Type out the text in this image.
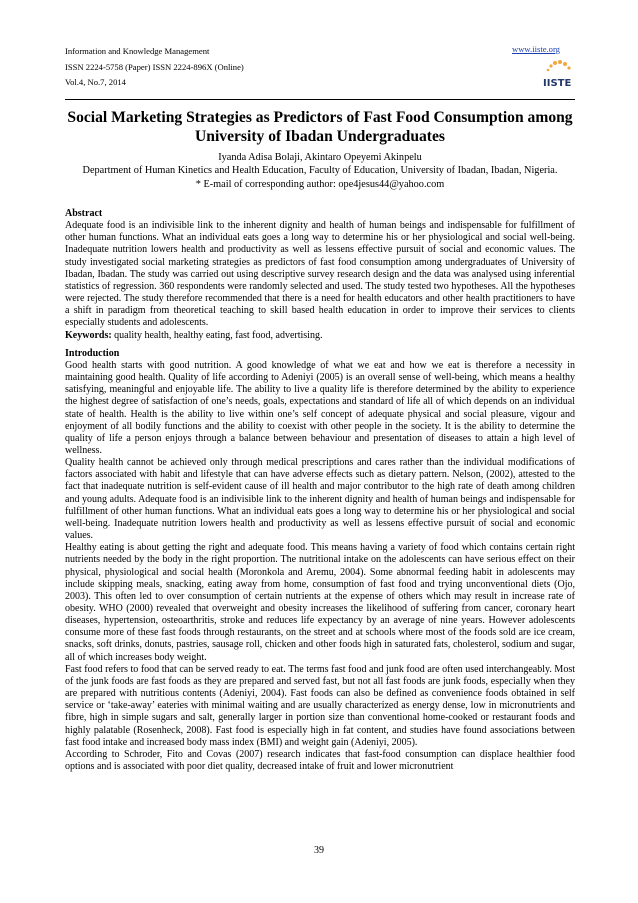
Information and Knowledge Management
ISSN 2224-5758 (Paper) ISSN 2224-896X (Online)
Vol.4, No.7, 2014
www.iiste.org
IISTE
Social Marketing Strategies as Predictors of Fast Food Consumption among University of Ibadan Undergraduates
Iyanda Adisa Bolaji, Akintaro Opeyemi Akinpelu
Department of Human Kinetics and Health Education, Faculty of Education, University of Ibadan, Ibadan, Nigeria.
* E-mail of corresponding author: ope4jesus44@yahoo.com

Abstract

Adequate food is an indivisible link to the inherent dignity and health of human beings and indispensable for fulfillment of other human functions. What an individual eats goes a long way to determine his or her physiological and social well-being. Inadequate nutrition lowers health and productivity as well as lessens effective pursuit of social and economic values. The study investigated social marketing strategies as predictors of fast food consumption among undergraduates of University of Ibadan, Ibadan. The study was carried out using descriptive survey research design and the data was analysed using inferential statistics of regression. 360 respondents were randomly selected and used. The study tested two hypotheses. All the hypotheses were rejected. The study therefore recommended that there is a need for health educators and other health practitioners to have a shift in paradigm from theoretical teaching to skill based health education in order to improve their services to clients especially students and adolescents.

Keywords: quality health, healthy eating, fast food, advertising.

Introduction

Good health starts with good nutrition. A good knowledge of what we eat and how we eat is therefore a necessity in maintaining good health. Quality of life according to Adeniyi (2005) is an overall sense of well-being, which means a healthy satisfying, meaningful and enjoyable life. The ability to live a quality life is therefore determined by the ability to experience the highest degree of satisfaction of one’s needs, goals, expectations and standard of life all of which depends on an individual state of health. Health is the ability to live within one’s self concept of adequate physical and social pleasure, vigour and enjoyment of all bodily functions and the ability to coexist with other people in the society. It is the ability to determine the quality of life a person enjoys through a balance between behaviour and presentation of diseases to attain a high level of wellness.

Quality health cannot be achieved only through medical prescriptions and cares rather than the individual modifications of factors associated with habit and lifestyle that can have adverse effects such as dietary pattern. Nelson, (2002), attested to the fact that inadequate nutrition is self-evident cause of ill health and major contributor to the high rate of death among children and young adults. Adequate food is an indivisible link to the inherent dignity and health of human beings and indispensable for fulfillment of other human functions. What an individual eats goes a long way to determine his or her physiological and social well-being. Inadequate nutrition lowers health and productivity as well as lessens effective pursuit of social and economic values.

Healthy eating is about getting the right and adequate food. This means having a variety of food which contains certain right nutrients needed by the body in the right proportion. The nutritional intake on the adolescents can have serious effect on their physical, physiological and social health (Moronkola and Aremu, 2004). Some abnormal feeding habit in adolescents may include skipping meals, snacking, eating away from home, consumption of fast food and trying unconventional diets (Ojo, 2003). This often led to over consumption of certain nutrients at the expense of others which may result in increase rate of obesity. WHO (2000) revealed that overweight and obesity increases the likelihood of suffering from cancer, coronary heart diseases, hypertension, osteoarthritis, stroke and reduces life expectancy by an average of nine years. However adolescents consume more of these fast foods through restaurants, on the street and at schools where most of the foods sold are ice cream, snacks, soft drinks, donuts, pastries, sausage roll, chicken and other foods high in saturated fats, cholesterol, sodium and sugar, all of which increases body weight.

Fast food refers to food that can be served ready to eat. The terms fast food and junk food are often used interchangeably. Most of the junk foods are fast foods as they are prepared and served fast, but not all fast foods are junk foods, especially when they are prepared with nutritious contents (Adeniyi, 2004). Fast foods can also be defined as convenience foods obtained in self service or ‘take-away’ eateries with minimal waiting and are usually characterized as energy dense, low in micronutrients and fibre, high in simple sugars and salt, generally larger in portion size than conventional home-cooked or restaurant foods and highly palatable (Rosenheck, 2008). Fast food is especially high in fat content, and studies have found associations between fast food intake and increased body mass index (BMI) and weight gain (Adeniyi, 2005).

According to Schroder, Fito and Covas (2007) research indicates that fast-food consumption can displace healthier food options and is associated with poor diet quality, decreased intake of fruit and lower micronutrient

39
